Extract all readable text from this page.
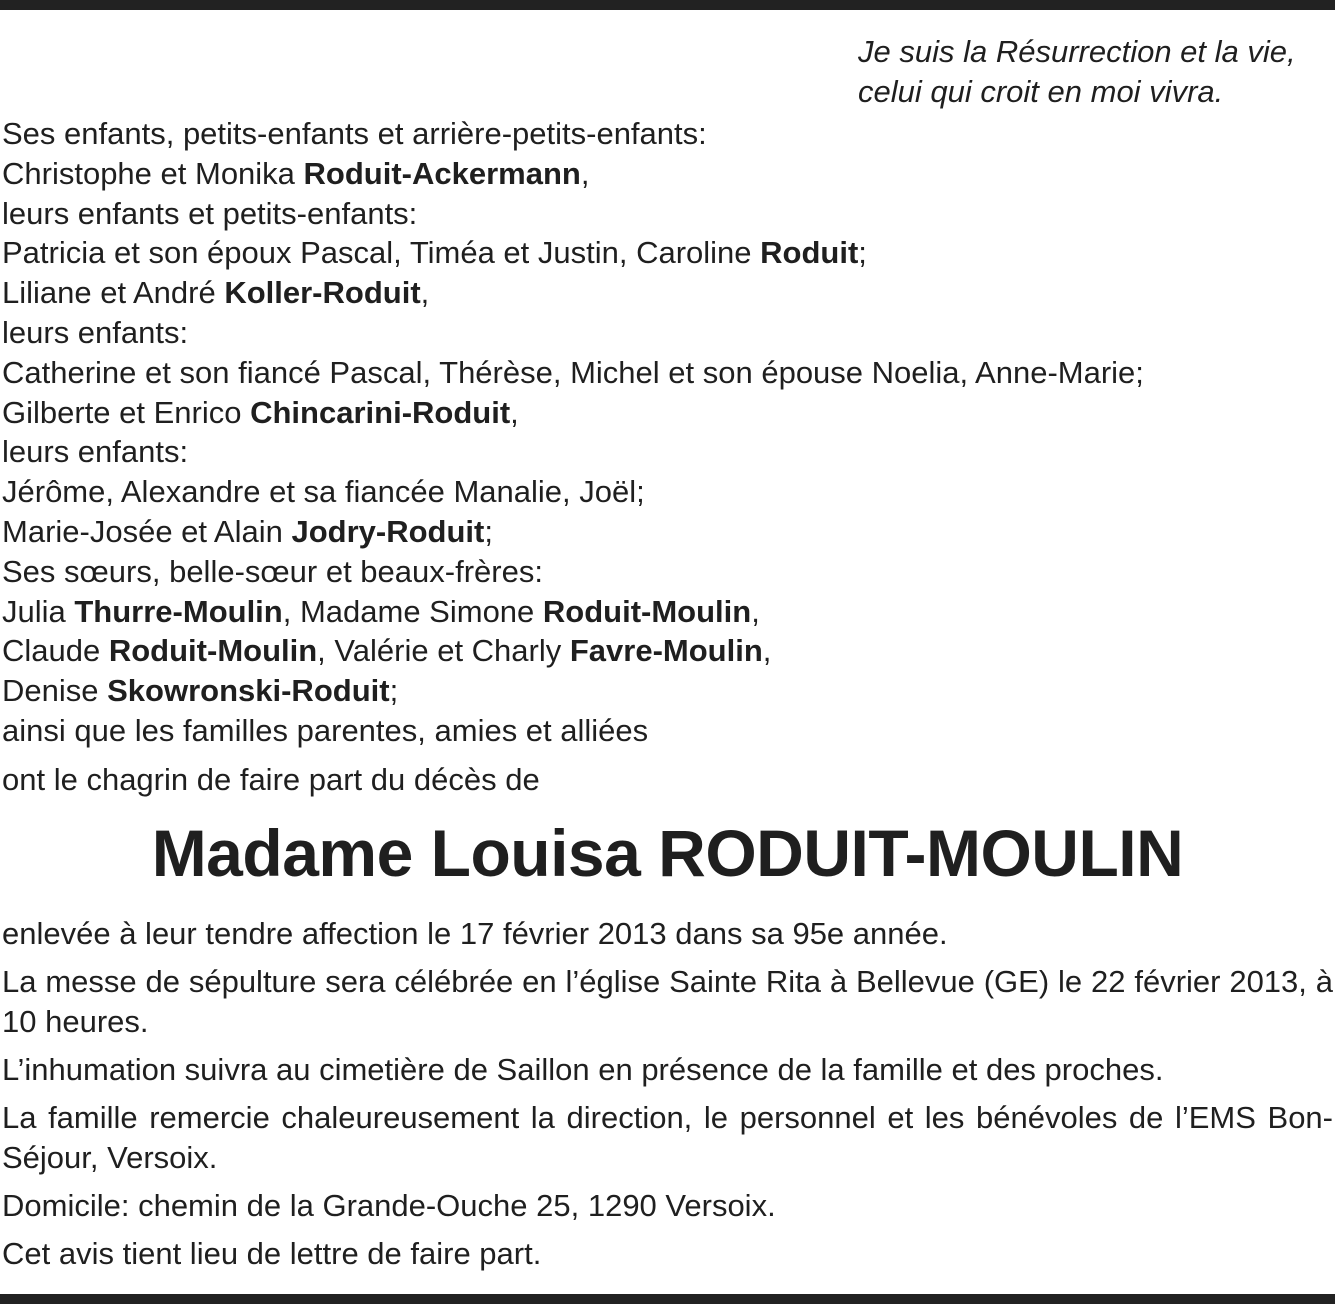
Je suis la Résurrection et la vie,
celui qui croit en moi vivra.
Ses enfants, petits-enfants et arrière-petits-enfants:
Christophe et Monika Roduit-Ackermann,
leurs enfants et petits-enfants:
Patricia et son époux Pascal, Timéa et Justin, Caroline Roduit;
Liliane et André Koller-Roduit,
leurs enfants:
Catherine et son fiancé Pascal, Thérèse, Michel et son épouse Noelia, Anne-Marie;
Gilberte et Enrico Chincarini-Roduit,
leurs enfants:
Jérôme, Alexandre et sa fiancée Manalie, Joël;
Marie-Josée et Alain Jodry-Roduit;
Ses sœurs, belle-sœur et beaux-frères:
Julia Thurre-Moulin, Madame Simone Roduit-Moulin,
Claude Roduit-Moulin, Valérie et Charly Favre-Moulin,
Denise Skowronski-Roduit;
ainsi que les familles parentes, amies et alliées
ont le chagrin de faire part du décès de
Madame Louisa RODUIT-MOULIN

enlevée à leur tendre affection le 17 février 2013 dans sa 95e année.

La messe de sépulture sera célébrée en l’église Sainte Rita à Bellevue (GE) le 22 février 2013, à 10 heures.

L’inhumation suivra au cimetière de Saillon en présence de la famille et des proches.

La famille remercie chaleureusement la direction, le personnel et les bénévoles de l’EMS Bon-Séjour, Versoix.

Domicile: chemin de la Grande-Ouche 25, 1290 Versoix.

Cet avis tient lieu de lettre de faire part.
